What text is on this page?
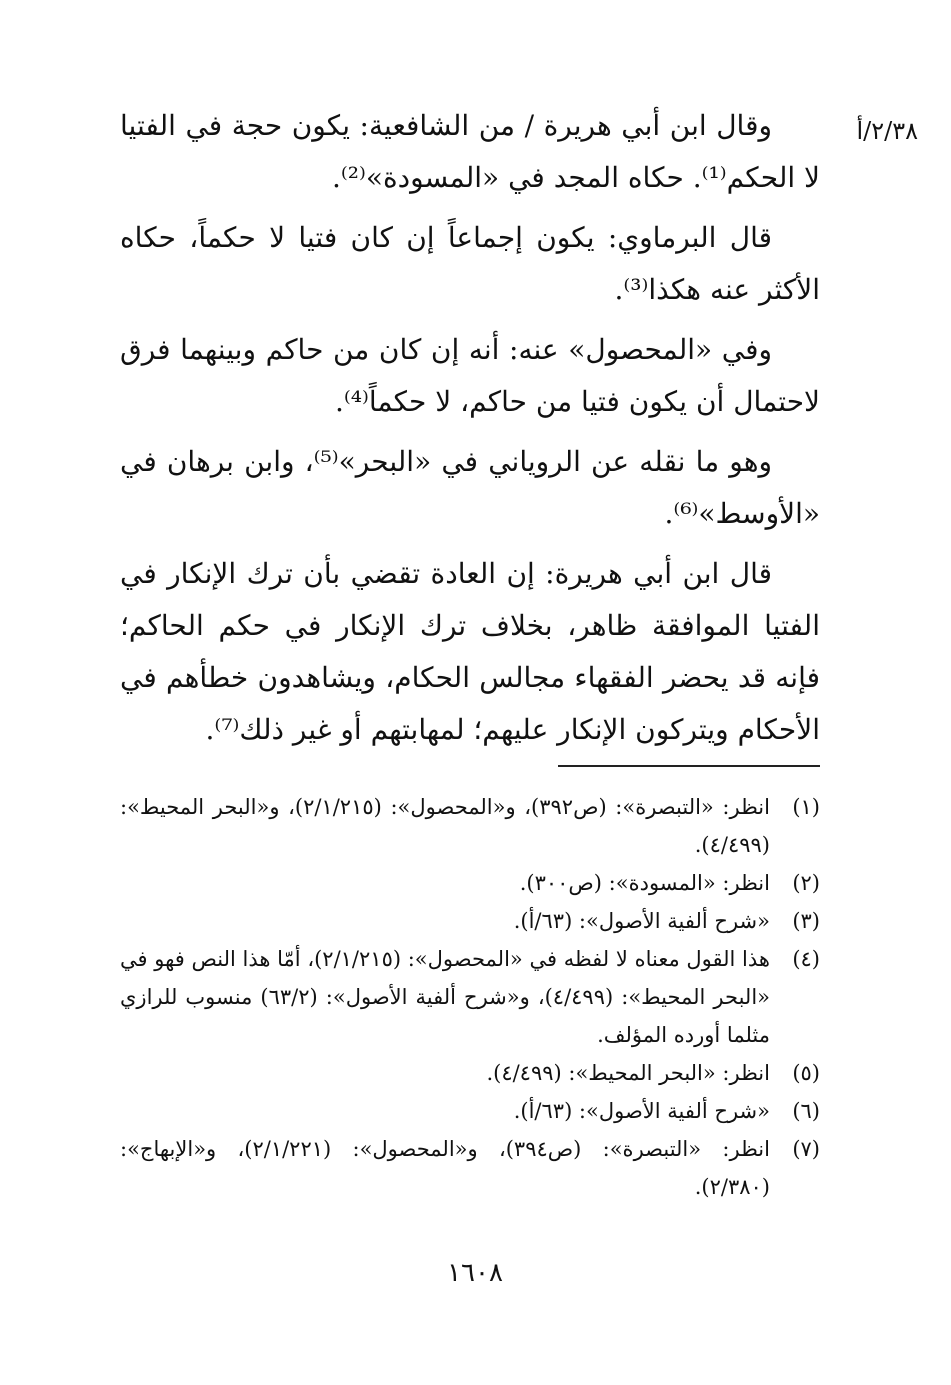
٢/٣٨/أ

وقال ابن أبي هريرة / من الشافعية: يكون حجة في الفتيا لا الحكم⁽¹⁾. حكاه المجد في «المسودة»⁽²⁾.

قال البرماوي: يكون إجماعاً إن كان فتيا لا حكماً، حكاه الأكثر عنه هكذا⁽³⁾.

وفي «المحصول» عنه: أنه إن كان من حاكم وبينهما فرق لاحتمال أن يكون فتيا من حاكم، لا حكماً⁽⁴⁾.

وهو ما نقله عن الروياني في «البحر»⁽⁵⁾، وابن برهان في «الأوسط»⁽⁶⁾.

قال ابن أبي هريرة: إن العادة تقضي بأن ترك الإنكار في الفتيا الموافقة ظاهر، بخلاف ترك الإنكار في حكم الحاكم؛ فإنه قد يحضر الفقهاء مجالس الحكام، ويشاهدون خطأهم في الأحكام ويتركون الإنكار عليهم؛ لمهابتهم أو غير ذلك⁽⁷⁾.

(١)
انظر: «التبصرة»: (ص٣٩٢)، و«المحصول»: (٢/١/٢١٥)، و«البحر المحيط»: (٤/٤٩٩).
(٢)
انظر: «المسودة»: (ص٣٠٠).
(٣)
«شرح ألفية الأصول»: (٦٣/أ).
(٤)
هذا القول معناه لا لفظه في «المحصول»: (٢/١/٢١٥)، أمّا هذا النص فهو في «البحر المحيط»: (٤/٤٩٩)، و«شرح ألفية الأصول»: (٦٣/٢) منسوب للرازي مثلما أورده المؤلف.
(٥)
انظر: «البحر المحيط»: (٤/٤٩٩).
(٦)
«شرح ألفية الأصول»: (٦٣/أ).
(٧)
انظر: «التبصرة»: (ص٣٩٤)، و«المحصول»: (٢/١/٢٢١)، و«الإبهاج»: (٢/٣٨٠).
١٦٠٨
